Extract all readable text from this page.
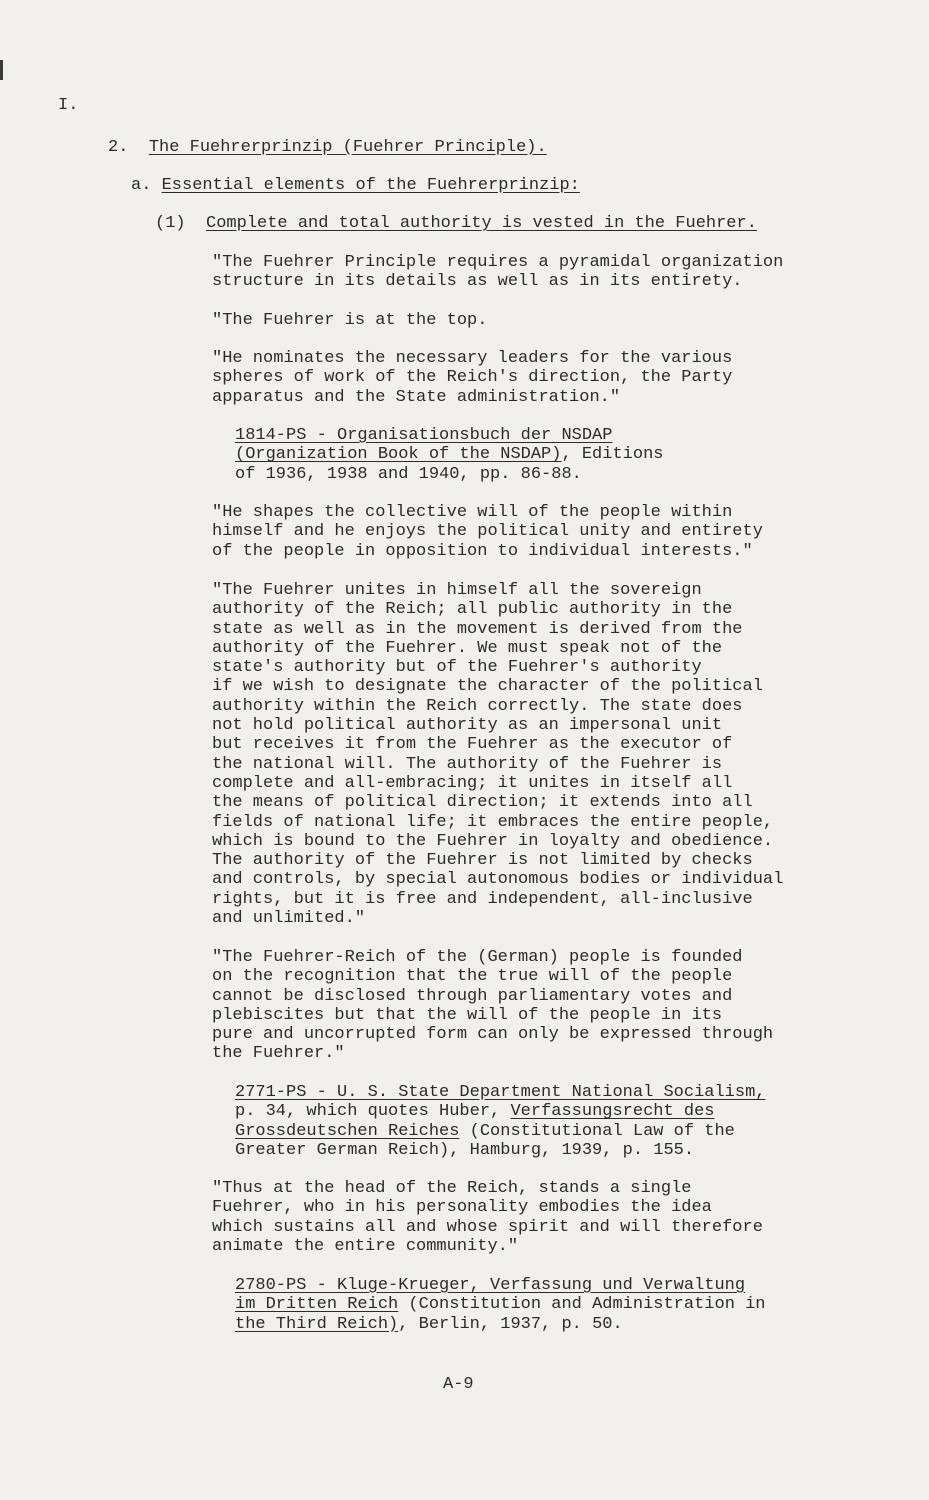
I.
2. The Fuehrerprinzip (Fuehrer Principle).
a. Essential elements of the Fuehrerprinzip:
(1) Complete and total authority is vested in the Fuehrer.
"The Fuehrer Principle requires a pyramidal organization
structure in its details as well as in its entirety.
"The Fuehrer is at the top.
"He nominates the necessary leaders for the various
spheres of work of the Reich's direction, the Party
apparatus and the State administration."
1814-PS - Organisationsbuch der NSDAP
(Organization Book of the NSDAP), Editions
of 1936, 1938 and 1940, pp. 86-88.
"He shapes the collective will of the people within
himself and he enjoys the political unity and entirety
of the people in opposition to individual interests."
"The Fuehrer unites in himself all the sovereign
authority of the Reich; all public authority in the
state as well as in the movement is derived from the
authority of the Fuehrer. We must speak not of the
state's authority but of the Fuehrer's authority
if we wish to designate the character of the political
authority within the Reich correctly. The state does
not hold political authority as an impersonal unit
but receives it from the Fuehrer as the executor of
the national will. The authority of the Fuehrer is
complete and all-embracing; it unites in itself all
the means of political direction; it extends into all
fields of national life; it embraces the entire people,
which is bound to the Fuehrer in loyalty and obedience.
The authority of the Fuehrer is not limited by checks
and controls, by special autonomous bodies or individual
rights, but it is free and independent, all-inclusive
and unlimited."
"The Fuehrer-Reich of the (German) people is founded
on the recognition that the true will of the people
cannot be disclosed through parliamentary votes and
plebiscites but that the will of the people in its
pure and uncorrupted form can only be expressed through
the Fuehrer."
2771-PS - U. S. State Department National Socialism,
p. 34, which quotes Huber, Verfassungsrecht des
Grossdeutschen Reiches (Constitutional Law of the
Greater German Reich), Hamburg, 1939, p. 155.
"Thus at the head of the Reich, stands a single
Fuehrer, who in his personality embodies the idea
which sustains all and whose spirit and will therefore
animate the entire community."
2780-PS - Kluge-Krueger, Verfassung und Verwaltung
im Dritten Reich (Constitution and Administration in
the Third Reich), Berlin, 1937, p. 50.
A-9
